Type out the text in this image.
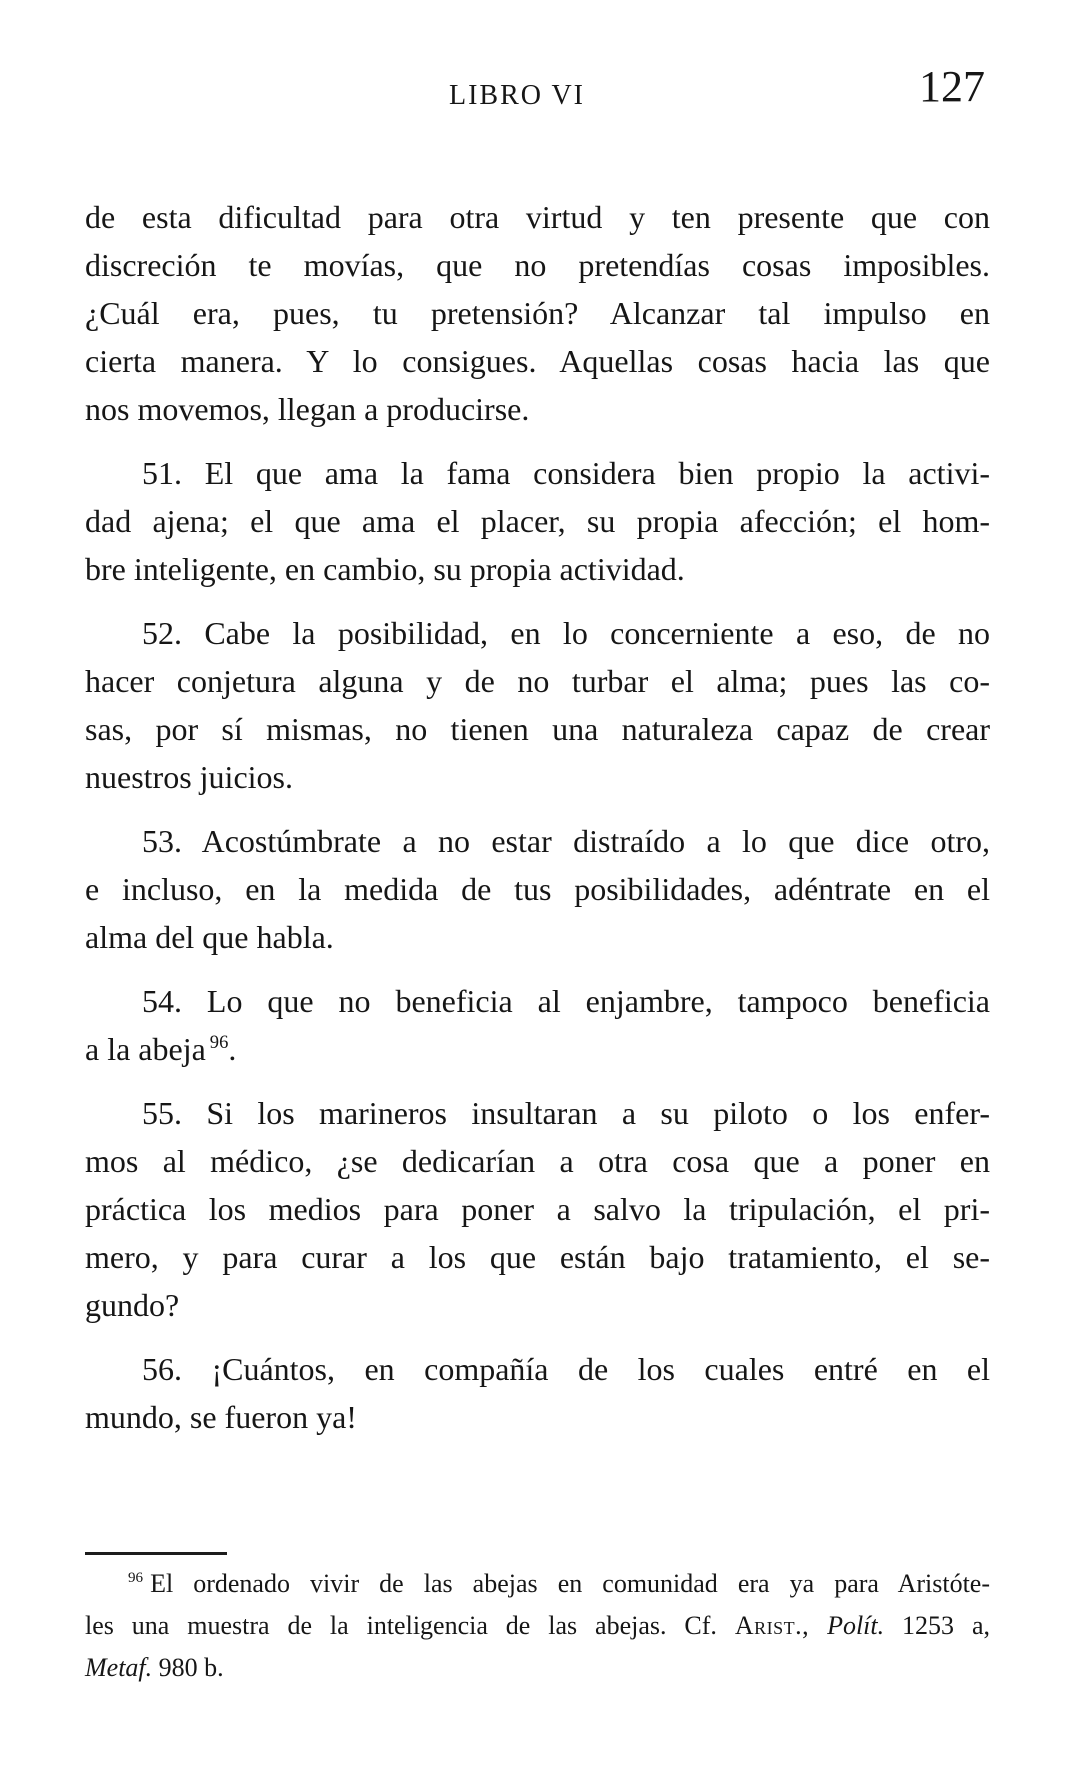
LIBRO VI	127
de esta dificultad para otra virtud y ten presente que con
discreción te movías, que no pretendías cosas imposibles.
¿Cuál era, pues, tu pretensión? Alcanzar tal impulso en
cierta manera. Y lo consigues. Aquellas cosas hacia las que
nos movemos, llegan a producirse.
51. El que ama la fama considera bien propio la activi-
dad ajena; el que ama el placer, su propia afección; el hom-
bre inteligente, en cambio, su propia actividad.
52. Cabe la posibilidad, en lo concerniente a eso, de no
hacer conjetura alguna y de no turbar el alma; pues las co-
sas, por sí mismas, no tienen una naturaleza capaz de crear
nuestros juicios.
53. Acostúmbrate a no estar distraído a lo que dice otro,
e incluso, en la medida de tus posibilidades, adéntrate en el
alma del que habla.
54. Lo que no beneficia al enjambre, tampoco beneficia
a la abeja $^{96}$.
55. Si los marineros insultaran a su piloto o los enfer-
mos al médico, ¿se dedicarían a otra cosa que a poner en
práctica los medios para poner a salvo la tripulación, el pri-
mero, y para curar a los que están bajo tratamiento, el se-
gundo?
56. ¡Cuántos, en compañía de los cuales entré en el
mundo, se fueron ya!
$^{96}$ El ordenado vivir de las abejas en comunidad era ya para Aristóte-
les una muestra de la inteligencia de las abejas. Cf. Arist., Polít. 1253 a,
Metaf. 980 b.
